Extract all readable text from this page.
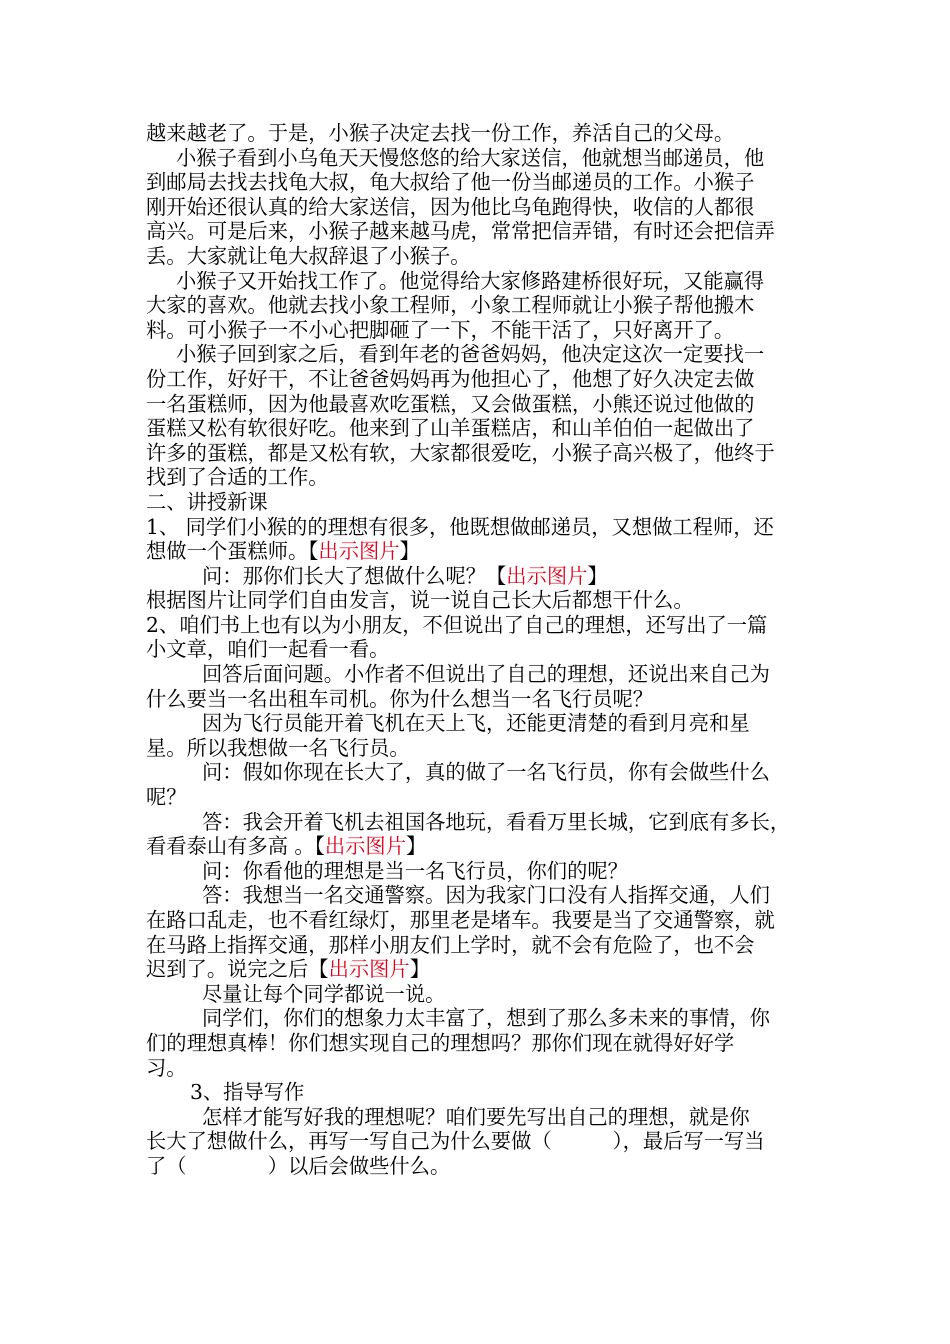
越来越老了。于是，小猴子决定去找一份工作，养活自己的父母。
小猴子看到小乌龟天天慢悠悠的给大家送信，他就想当邮递员，他
到邮局去找去找龟大叔，龟大叔给了他一份当邮递员的工作。小猴子
刚开始还很认真的给大家送信，因为他比乌龟跑得快，收信的人都很
高兴。可是后来，小猴子越来越马虎，常常把信弄错，有时还会把信弄
丢。大家就让龟大叔辞退了小猴子。
小猴子又开始找工作了。他觉得给大家修路建桥很好玩，又能赢得
大家的喜欢。他就去找小象工程师，小象工程师就让小猴子帮他搬木
料。可小猴子一不小心把脚砸了一下，不能干活了，只好离开了。
小猴子回到家之后，看到年老的爸爸妈妈，他决定这次一定要找一
份工作，好好干，不让爸爸妈妈再为他担心了，他想了好久决定去做
一名蛋糕师，因为他最喜欢吃蛋糕，又会做蛋糕，小熊还说过他做的
蛋糕又松有软很好吃。他来到了山羊蛋糕店，和山羊伯伯一起做出了
许多的蛋糕，都是又松有软，大家都很爱吃，小猴子高兴极了，他终于
找到了合适的工作。
二、讲授新课
1、 同学们小猴的的理想有很多，他既想做邮递员，又想做工程师，还
想做一个蛋糕师。【出示图片】
问：那你们长大了想做什么呢？【出示图片】
根据图片让同学们自由发言，说一说自己长大后都想干什么。
2、咱们书上也有以为小朋友，不但说出了自己的理想，还写出了一篇
小文章，咱们一起看一看。
回答后面问题。小作者不但说出了自己的理想，还说出来自己为
什么要当一名出租车司机。你为什么想当一名飞行员呢？
因为飞行员能开着飞机在天上飞，还能更清楚的看到月亮和星
星。所以我想做一名飞行员。
问：假如你现在长大了，真的做了一名飞行员，你有会做些什么
呢？
答：我会开着飞机去祖国各地玩，看看万里长城，它到底有多长，
看看泰山有多高 。【出示图片】
问：你看他的理想是当一名飞行员，你们的呢？
答：我想当一名交通警察。因为我家门口没有人指挥交通，人们
在路口乱走，也不看红绿灯，那里老是堵车。我要是当了交通警察，就
在马路上指挥交通，那样小朋友们上学时，就不会有危险了，也不会
迟到了。说完之后【出示图片】
尽量让每个同学都说一说。
同学们，你们的想象力太丰富了，想到了那么多未来的事情，你
们的理想真棒！你们想实现自己的理想吗？那你们现在就得好好学
习。
3、指导写作
怎样才能写好我的理想呢？咱们要先写出自己的理想，就是你
长大了想做什么，再写一写自己为什么要做（　　　），最后写一写当
了（　　　　）以后会做些什么。
